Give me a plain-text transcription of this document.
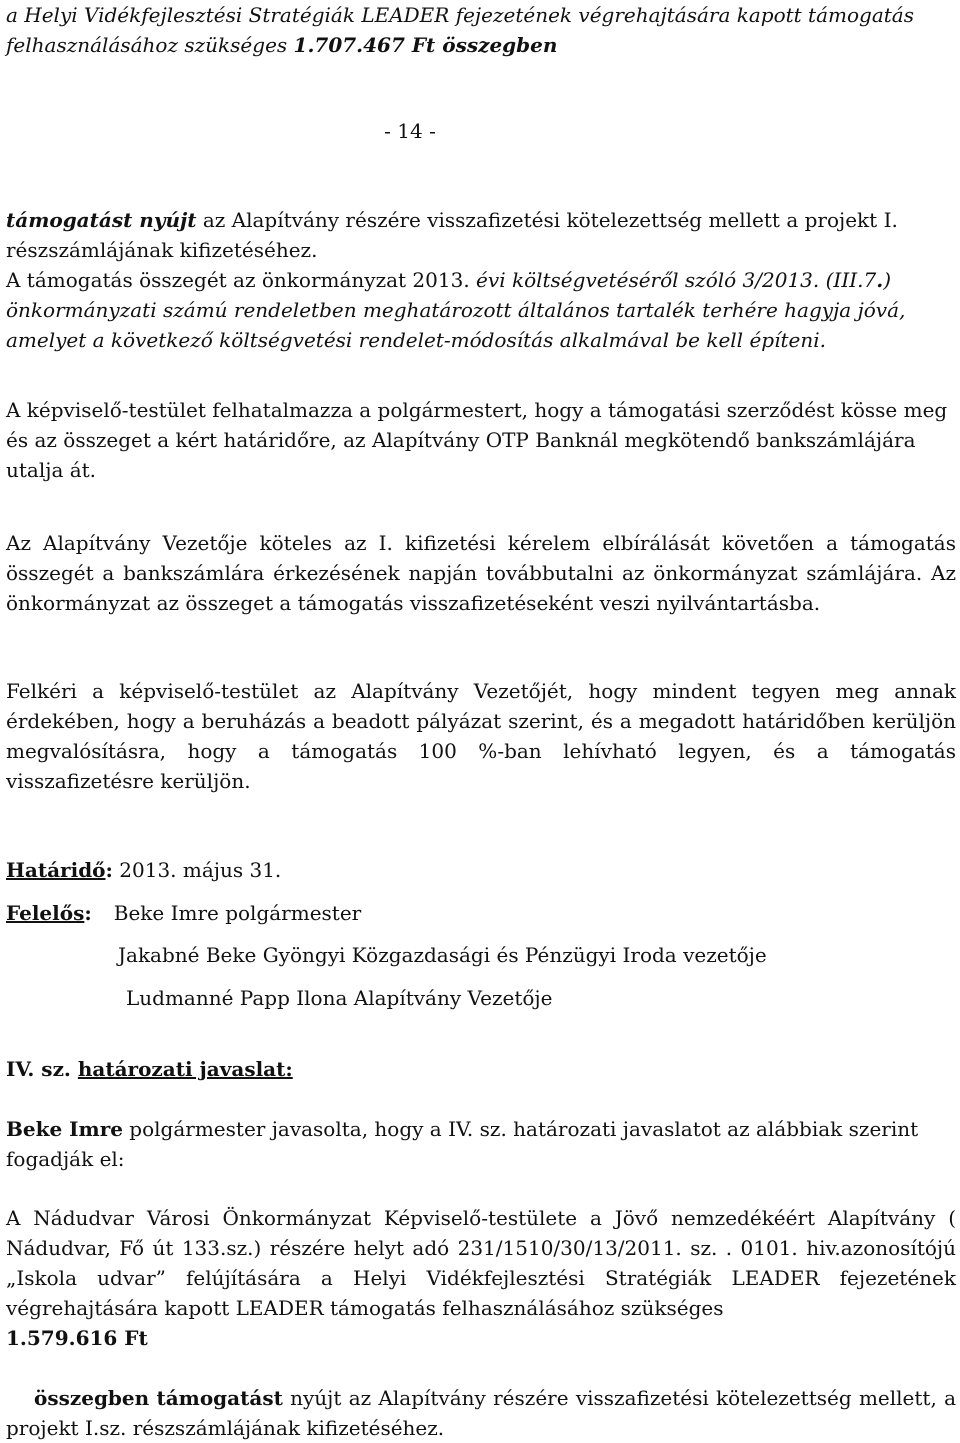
a Helyi Vidékfejlesztési Stratégiák LEADER fejezetének végrehajtására kapott támogatás felhasználásához szükséges 1.707.467 Ft összegben

- 14 -

támogatást nyújt az Alapítvány részére visszafizetési kötelezettség mellett a projekt I. részszámlájának kifizetéséhez.

A támogatás összegét az önkormányzat 2013. évi költségvetéséről szóló 3/2013. (III.7.) önkormányzati számú rendeletben meghatározott általános tartalék terhére hagyja jóvá, amelyet a következő költségvetési rendelet-módosítás alkalmával be kell építeni.

A képviselő-testület felhatalmazza a polgármestert, hogy a támogatási szerződést kösse meg és az összeget a kért határidőre, az Alapítvány OTP Banknál megkötendő bankszámlájára utalja át.

Az Alapítvány Vezetője köteles az I. kifizetési kérelem elbírálását követően a támogatás összegét a bankszámlára érkezésének napján továbbutalni az önkormányzat számlájára. Az önkormányzat az összeget a támogatás visszafizetéseként veszi nyilvántartásba.

Felkéri a képviselő-testület az Alapítvány Vezetőjét, hogy mindent tegyen meg annak érdekében, hogy a beruházás a beadott pályázat szerint, és a megadott határidőben kerüljön megvalósításra, hogy a támogatás 100 %-ban lehívható legyen, és a támogatás visszafizetésre kerüljön.

Határidő: 2013. május 31.

Felelős: Beke Imre polgármester

Jakabné Beke Gyöngyi Közgazdasági és Pénzügyi Iroda vezetője

Ludmanné Papp Ilona Alapítvány Vezetője

IV. sz. határozati javaslat:

Beke Imre polgármester javasolta, hogy a IV. sz. határozati javaslatot az alábbiak szerint fogadják el:

A Nádudvar Városi Önkormányzat Képviselő-testülete a Jövő nemzedékéért Alapítvány ( Nádudvar, Fő út 133.sz.) részére helyt adó 231/1510/30/13/2011. sz. . 0101. hiv.azonosítójú „Iskola udvar” felújítására a Helyi Vidékfejlesztési Stratégiák LEADER fejezetének végrehajtására kapott LEADER támogatás felhasználásához szükséges
1.579.616 Ft

összegben támogatást nyújt az Alapítvány részére visszafizetési kötelezettség mellett, a projekt I.sz. részszámlájának kifizetéséhez.
